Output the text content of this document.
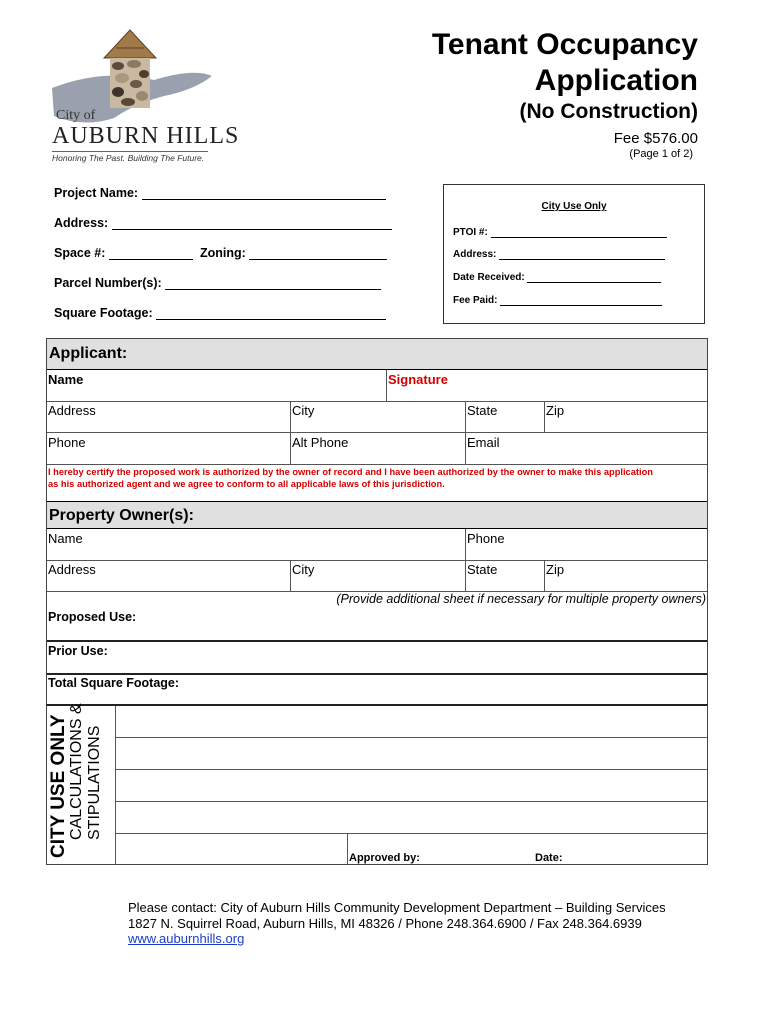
City of
AUBURN HILLS
Honoring The Past. Building The Future.
Tenant Occupancy
Application
(No Construction)
Fee $576.00
(Page 1 of 2)
Project Name:
Address:
Space #:	Zoning:
Parcel Number(s):
Square Footage:
City Use Only
PTOI #:
Address:
Date Received:
Fee Paid:
Applicant:
Name	Signature
Address	City	State	Zip
Phone	Alt Phone	Email
I hereby certify the proposed work is authorized by the owner of record and I have been authorized by the owner to make this application
as his authorized agent and we agree to conform to all applicable laws of this jurisdiction.
Property Owner(s):
Name	Phone
Address	City	State	Zip
(Provide additional sheet if necessary for multiple property owners)
Proposed Use:
Prior Use:
Total Square Footage:
Approved by:	Date:
CITY USE ONLY CALCULATIONS & STIPULATIONS
Please contact: City of Auburn Hills Community Development Department – Building Services
1827 N. Squirrel Road, Auburn Hills, MI 48326 / Phone 248.364.6900 / Fax 248.364.6939
www.auburnhills.org
